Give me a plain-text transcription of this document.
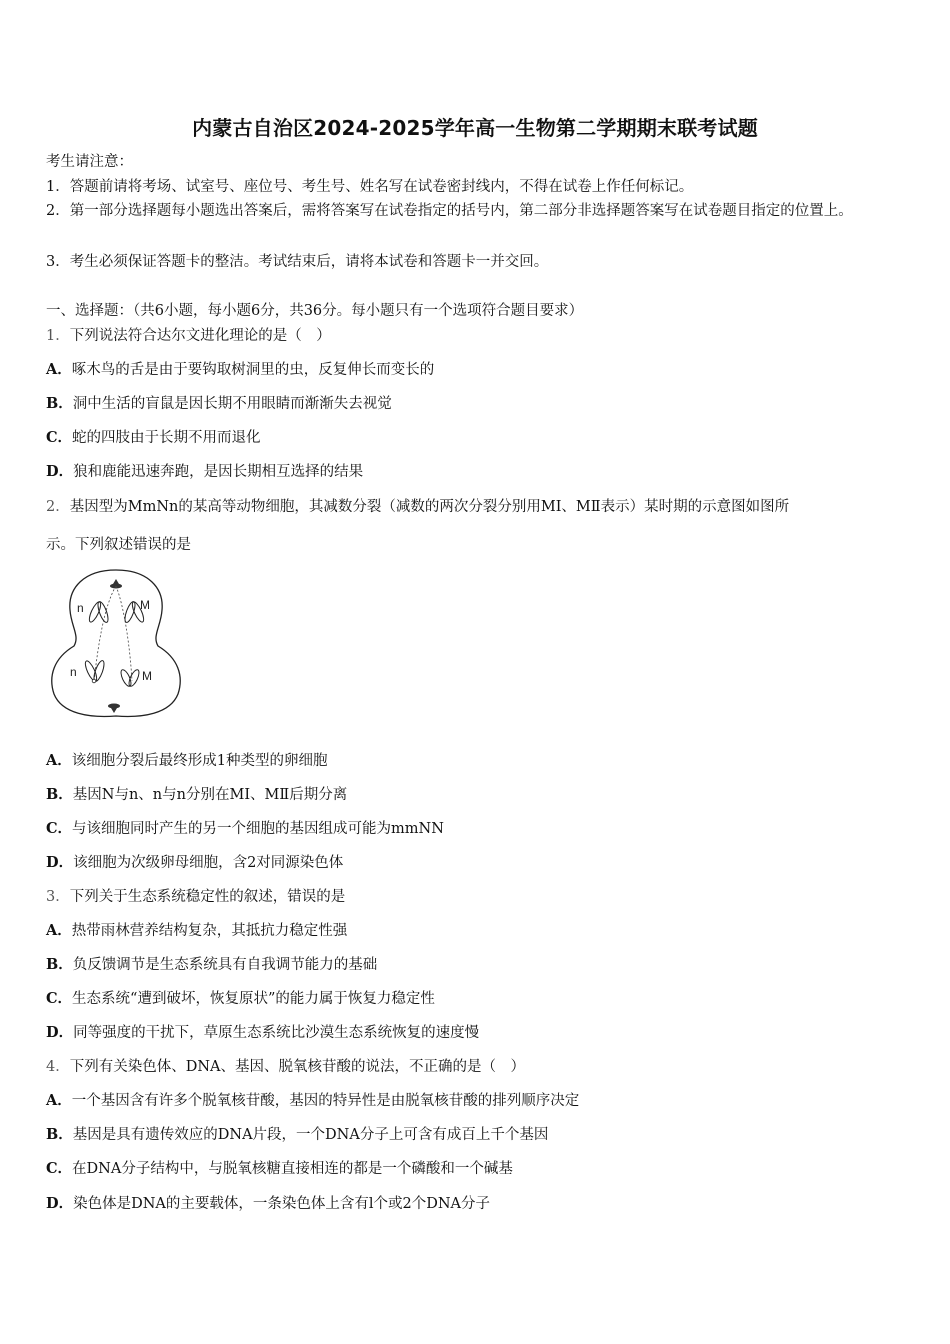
内蒙古自治区2024-2025学年高一生物第二学期期末联考试题
考生请注意：
1．答题前请将考场、试室号、座位号、考生号、姓名写在试卷密封线内，不得在试卷上作任何标记。
2．第一部分选择题每小题选出答案后，需将答案写在试卷指定的括号内，第二部分非选择题答案写在试卷题目指定的位置上。
3．考生必须保证答题卡的整洁。考试结束后，请将本试卷和答题卡一并交回。
一、选择题：（共6小题，每小题6分，共36分。每小题只有一个选项符合题目要求）
1．下列说法符合达尔文进化理论的是（　）
A．啄木鸟的舌是由于要钩取树洞里的虫，反复伸长而变长的
B．洞中生活的盲鼠是因长期不用眼睛而渐渐失去视觉
C．蛇的四肢由于长期不用而退化
D．狼和鹿能迅速奔跑，是因长期相互选择的结果
2．基因型为MmNn的某高等动物细胞，其减数分裂（减数的两次分裂分别用MⅠ、MⅡ表示）某时期的示意图如图所
示。下列叙述错误的是
n	M
n	M
A．该细胞分裂后最终形成1种类型的卵细胞
B．基因N与n、n与n分别在MⅠ、MⅡ后期分离
C．与该细胞同时产生的另一个细胞的基因组成可能为mmNN
D．该细胞为次级卵母细胞，含2对同源染色体
3．下列关于生态系统稳定性的叙述，错误的是
A．热带雨林营养结构复杂，其抵抗力稳定性强
B．负反馈调节是生态系统具有自我调节能力的基础
C．生态系统“遭到破坏，恢复原状”的能力属于恢复力稳定性
D．同等强度的干扰下，草原生态系统比沙漠生态系统恢复的速度慢
4．下列有关染色体、DNA、基因、脱氧核苷酸的说法，不正确的是（　）
A．一个基因含有许多个脱氧核苷酸，基因的特异性是由脱氧核苷酸的排列顺序决定
B．基因是具有遗传效应的DNA片段，一个DNA分子上可含有成百上千个基因
C．在DNA分子结构中，与脱氧核糖直接相连的都是一个磷酸和一个碱基
D．染色体是DNA的主要载体，一条染色体上含有l个或2个DNA分子
